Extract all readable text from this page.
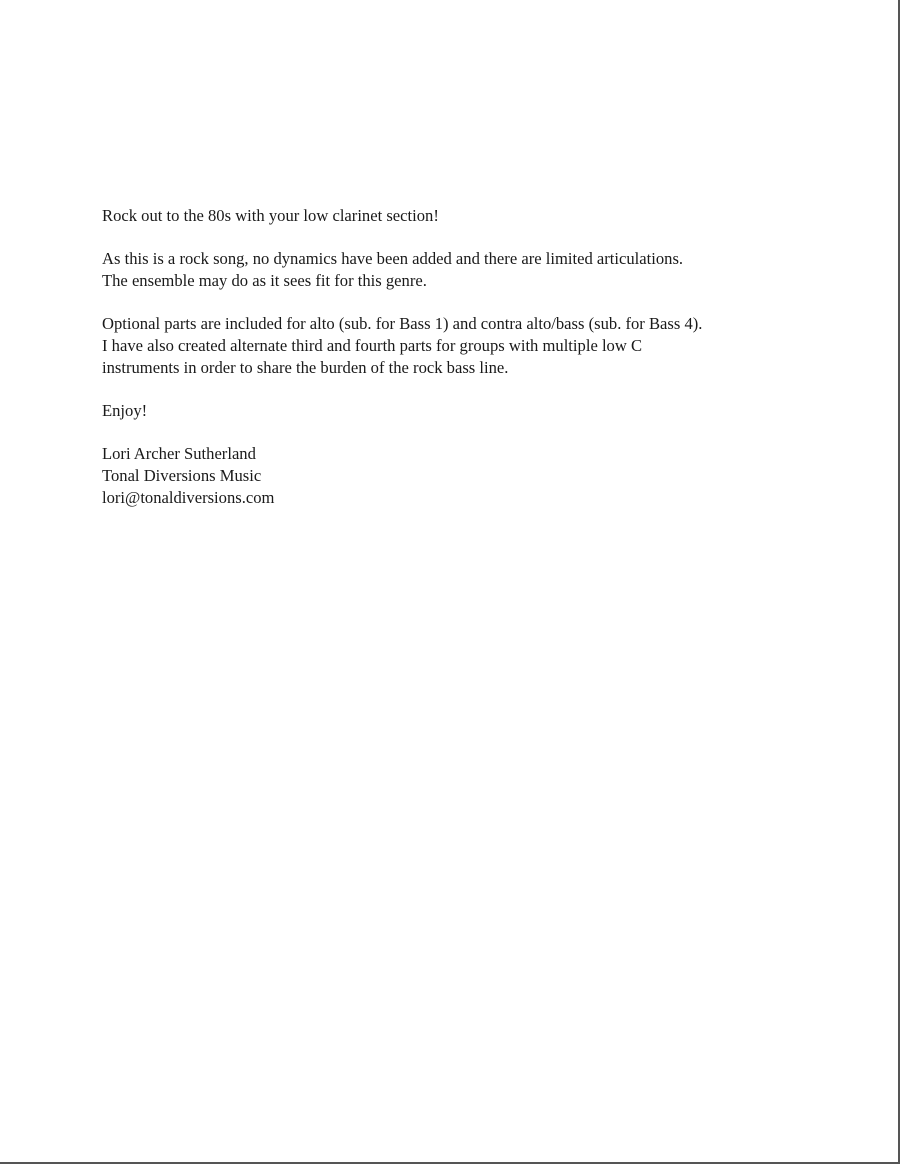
Rock out to the 80s with your low clarinet section!

As this is a rock song, no dynamics have been added and there are limited articulations.
The ensemble may do as it sees fit for this genre.

Optional parts are included for alto (sub. for Bass 1) and contra alto/bass (sub. for Bass 4).
I have also created alternate third and fourth parts for groups with multiple low C
instruments in order to share the burden of the rock bass line.

Enjoy!

Lori Archer Sutherland
Tonal Diversions Music
lori@tonaldiversions.com
